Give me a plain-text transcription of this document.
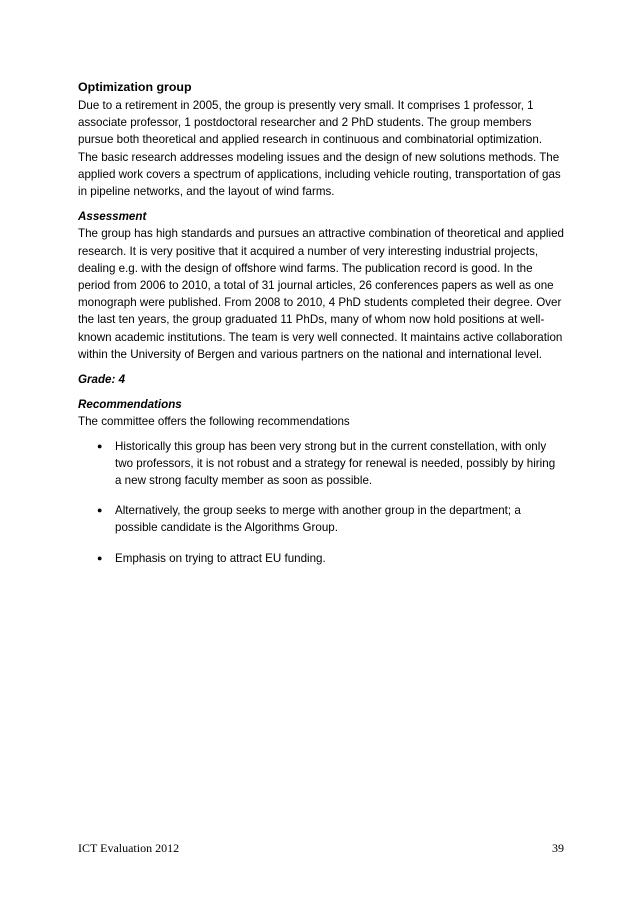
Optimization group

Due to a retirement in 2005, the group is presently very small. It comprises 1 professor, 1 associate professor, 1 postdoctoral researcher and 2 PhD students. The group members pursue both theoretical and applied research in continuous and combinatorial optimization. The basic research addresses modeling issues and the design of new solutions methods. The applied work covers a spectrum of applications, including vehicle routing, transportation of gas in pipeline networks, and the layout of wind farms.

Assessment

The group has high standards and pursues an attractive combination of theoretical and applied research. It is very positive that it acquired a number of very interesting industrial projects, dealing e.g. with the design of offshore wind farms. The publication record is good. In the period from 2006 to 2010, a total of 31 journal articles, 26 conferences papers as well as one monograph were published. From 2008 to 2010, 4 PhD students completed their degree. Over the last ten years, the group graduated 11 PhDs, many of whom now hold positions at well-known academic institutions. The team is very well connected. It maintains active collaboration within the University of Bergen and various partners on the national and international level.

Grade: 4
Recommendations

The committee offers the following recommendations

● Historically this group has been very strong but in the current constellation, with only two professors, it is not robust and a strategy for renewal is needed, possibly by hiring a new strong faculty member as soon as possible.
● Alternatively, the group seeks to merge with another group in the department; a possible candidate is the Algorithms Group.
● Emphasis on trying to attract EU funding.
ICT Evaluation 2012	39
